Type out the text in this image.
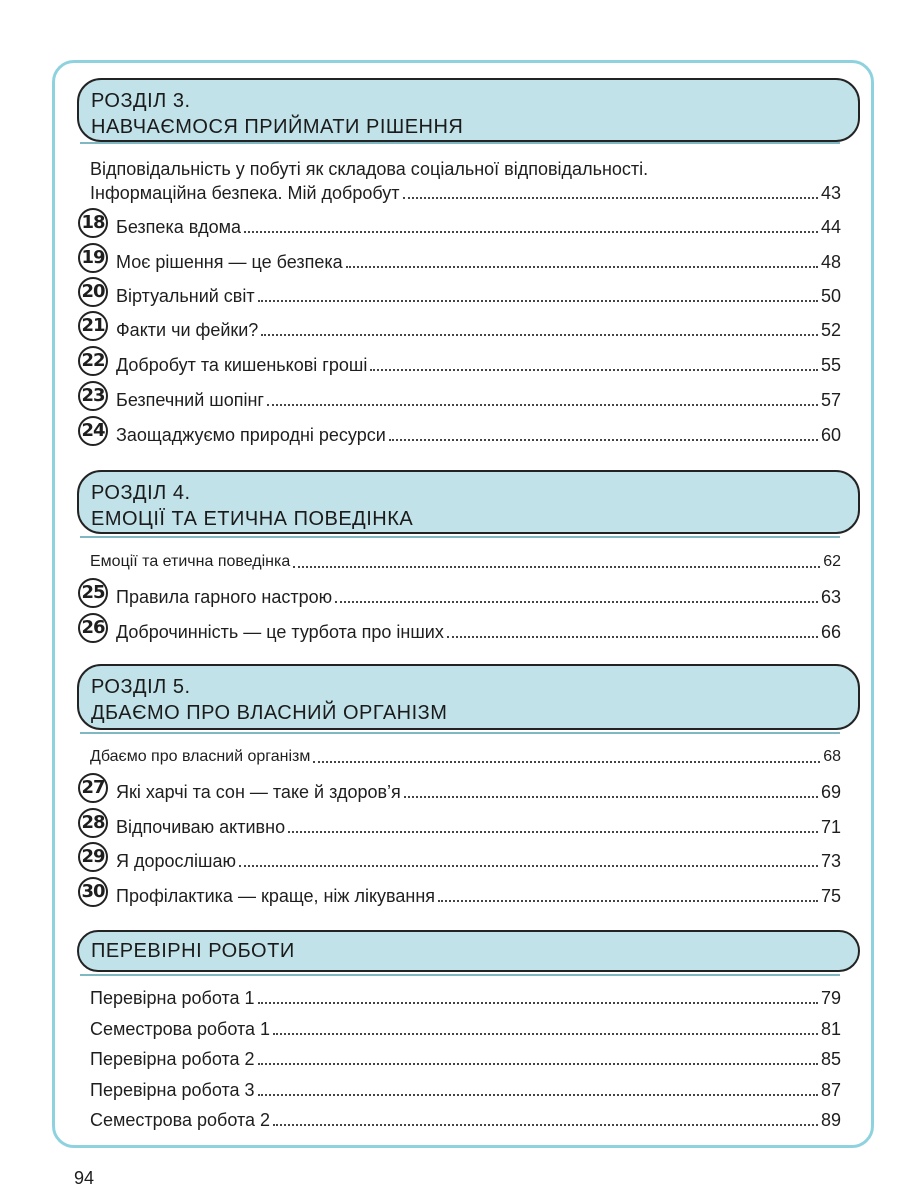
РОЗДІЛ 3.
НАВЧАЄМОСЯ ПРИЙМАТИ РІШЕННЯ
Відповідальність у побуті як складова соціальної відповідальності.
Інформаційна безпека. Мій добробут	43
18 Безпека вдома	44
19 Моє рішення — це безпека	48
20 Віртуальний світ	50
21 Факти чи фейки?	52
22 Добробут та кишенькові гроші	55
23 Безпечний шопінг	57
24 Заощаджуємо природні ресурси	60
РОЗДІЛ 4.
ЕМОЦІЇ ТА ЕТИЧНА ПОВЕДІНКА
Емоції та етична поведінка	62
25 Правила гарного настрою	63
26 Доброчинність — це турбота про інших	66
РОЗДІЛ 5.
ДБАЄМО ПРО ВЛАСНИЙ ОРГАНІЗМ
Дбаємо про власний організм	68
27 Які харчі та сон — таке й здоров’я	69
28 Відпочиваю активно	71
29 Я дорослішаю	73
30 Профілактика — краще, ніж лікування	75
ПЕРЕВІРНІ РОБОТИ
Перевірна робота 1	79
Семестрова робота 1	81
Перевірна робота 2	85
Перевірна робота 3	87
Семестрова робота 2	89
94
